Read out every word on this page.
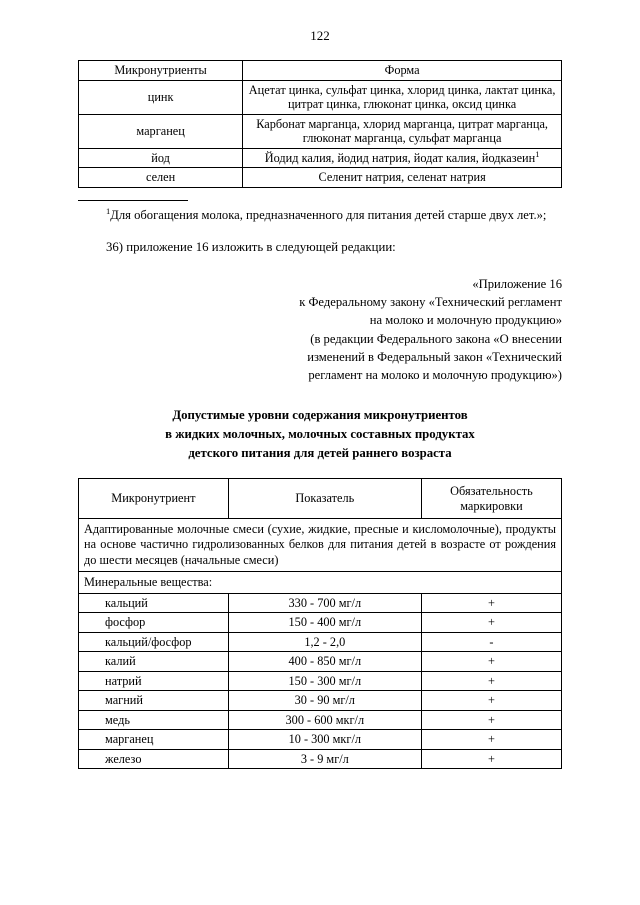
122
Микронутриенты	Форма
цинк	Ацетат цинка, сульфат цинка, хлорид цинка, лактат цинка, цитрат цинка, глюконат цинка, оксид цинка
марганец	Карбонат марганца, хлорид марганца, цитрат марганца, глюконат марганца, сульфат марганца
йод	Йодид калия, йодид натрия, йодат калия, йодказеин$^1$
селен	Селенит натрия, селенат натрия

$^1$Для обогащения молока, предназначенного для питания детей старше двух лет.»;

36) приложение 16 изложить в следующей редакции:

«Приложение 16
к Федеральному закону «Технический регламент
на молоко и молочную продукцию»
(в редакции Федерального закона «О внесении
изменений в Федеральный закон «Технический
регламент на молоко и молочную продукцию»)
Допустимые уровни содержания микронутриентов
в жидких молочных, молочных составных продуктах
детского питания для детей раннего возраста
Микронутриент	Показатель	Обязательность маркировки
Адаптированные молочные смеси (сухие, жидкие, пресные и кисломолочные), продукты на основе частично гидролизованных белков для питания детей в возрасте от рождения до шести месяцев (начальные смеси)		
Минеральные вещества:		
кальций	330 - 700 мг/л	+
фосфор	150 - 400 мг/л	+
кальций/фосфор	1,2 - 2,0	-
калий	400 - 850 мг/л	+
натрий	150 - 300 мг/л	+
магний	30 - 90 мг/л	+
медь	300 - 600 мкг/л	+
марганец	10 - 300 мкг/л	+
железо	3 - 9 мг/л	+
